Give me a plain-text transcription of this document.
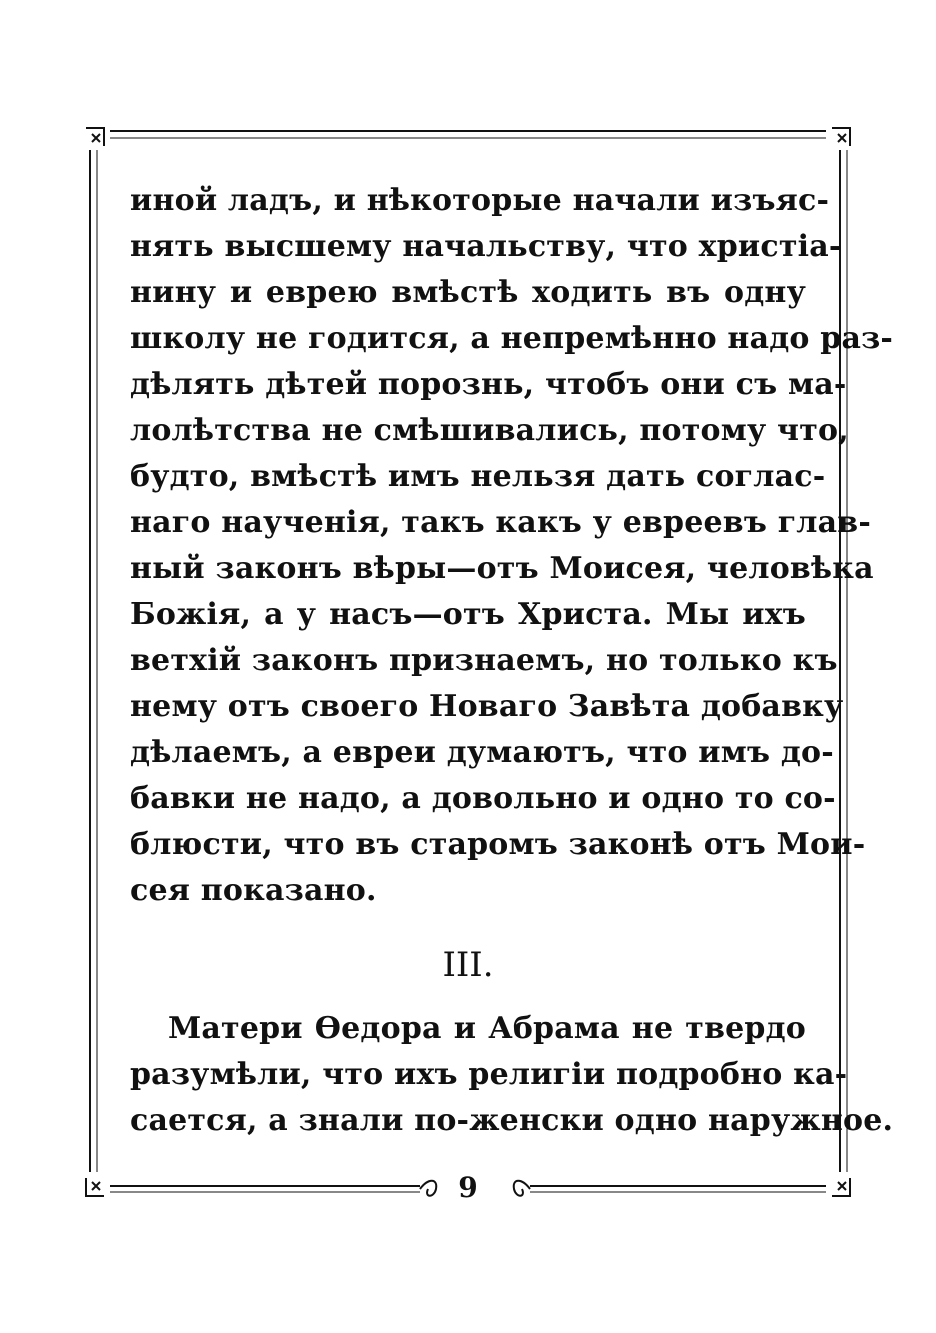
иной ладъ, и нѣкоторые начали изъяс-
нять высшему начальству, что христіа-
нину и еврею вмѣстѣ ходить въ одну
школу не годится, а непремѣнно надо раз-
дѣлять дѣтей порознь, чтобъ они съ ма-
лолѣтства не смѣшивались, потому что,
будто, вмѣстѣ имъ нельзя дать соглас-
наго наученія, такъ какъ у евреевъ глав-
ный законъ вѣры—отъ Моисея, человѣка
Божія, а у насъ—отъ Христа. Мы ихъ
ветхій законъ признаемъ, но только къ
нему отъ своего Новаго Завѣта добавку
дѣлаемъ, а евреи думаютъ, что имъ до-
бавки не надо, а довольно и одно то со-
блюсти, что въ старомъ законѣ отъ Мои-
сея показано.
III.
Матери Өедора и Абрама не твердо
разумѣли, что ихъ религіи подробно ка-
сается, а знали по-женски одно наружное.
9
